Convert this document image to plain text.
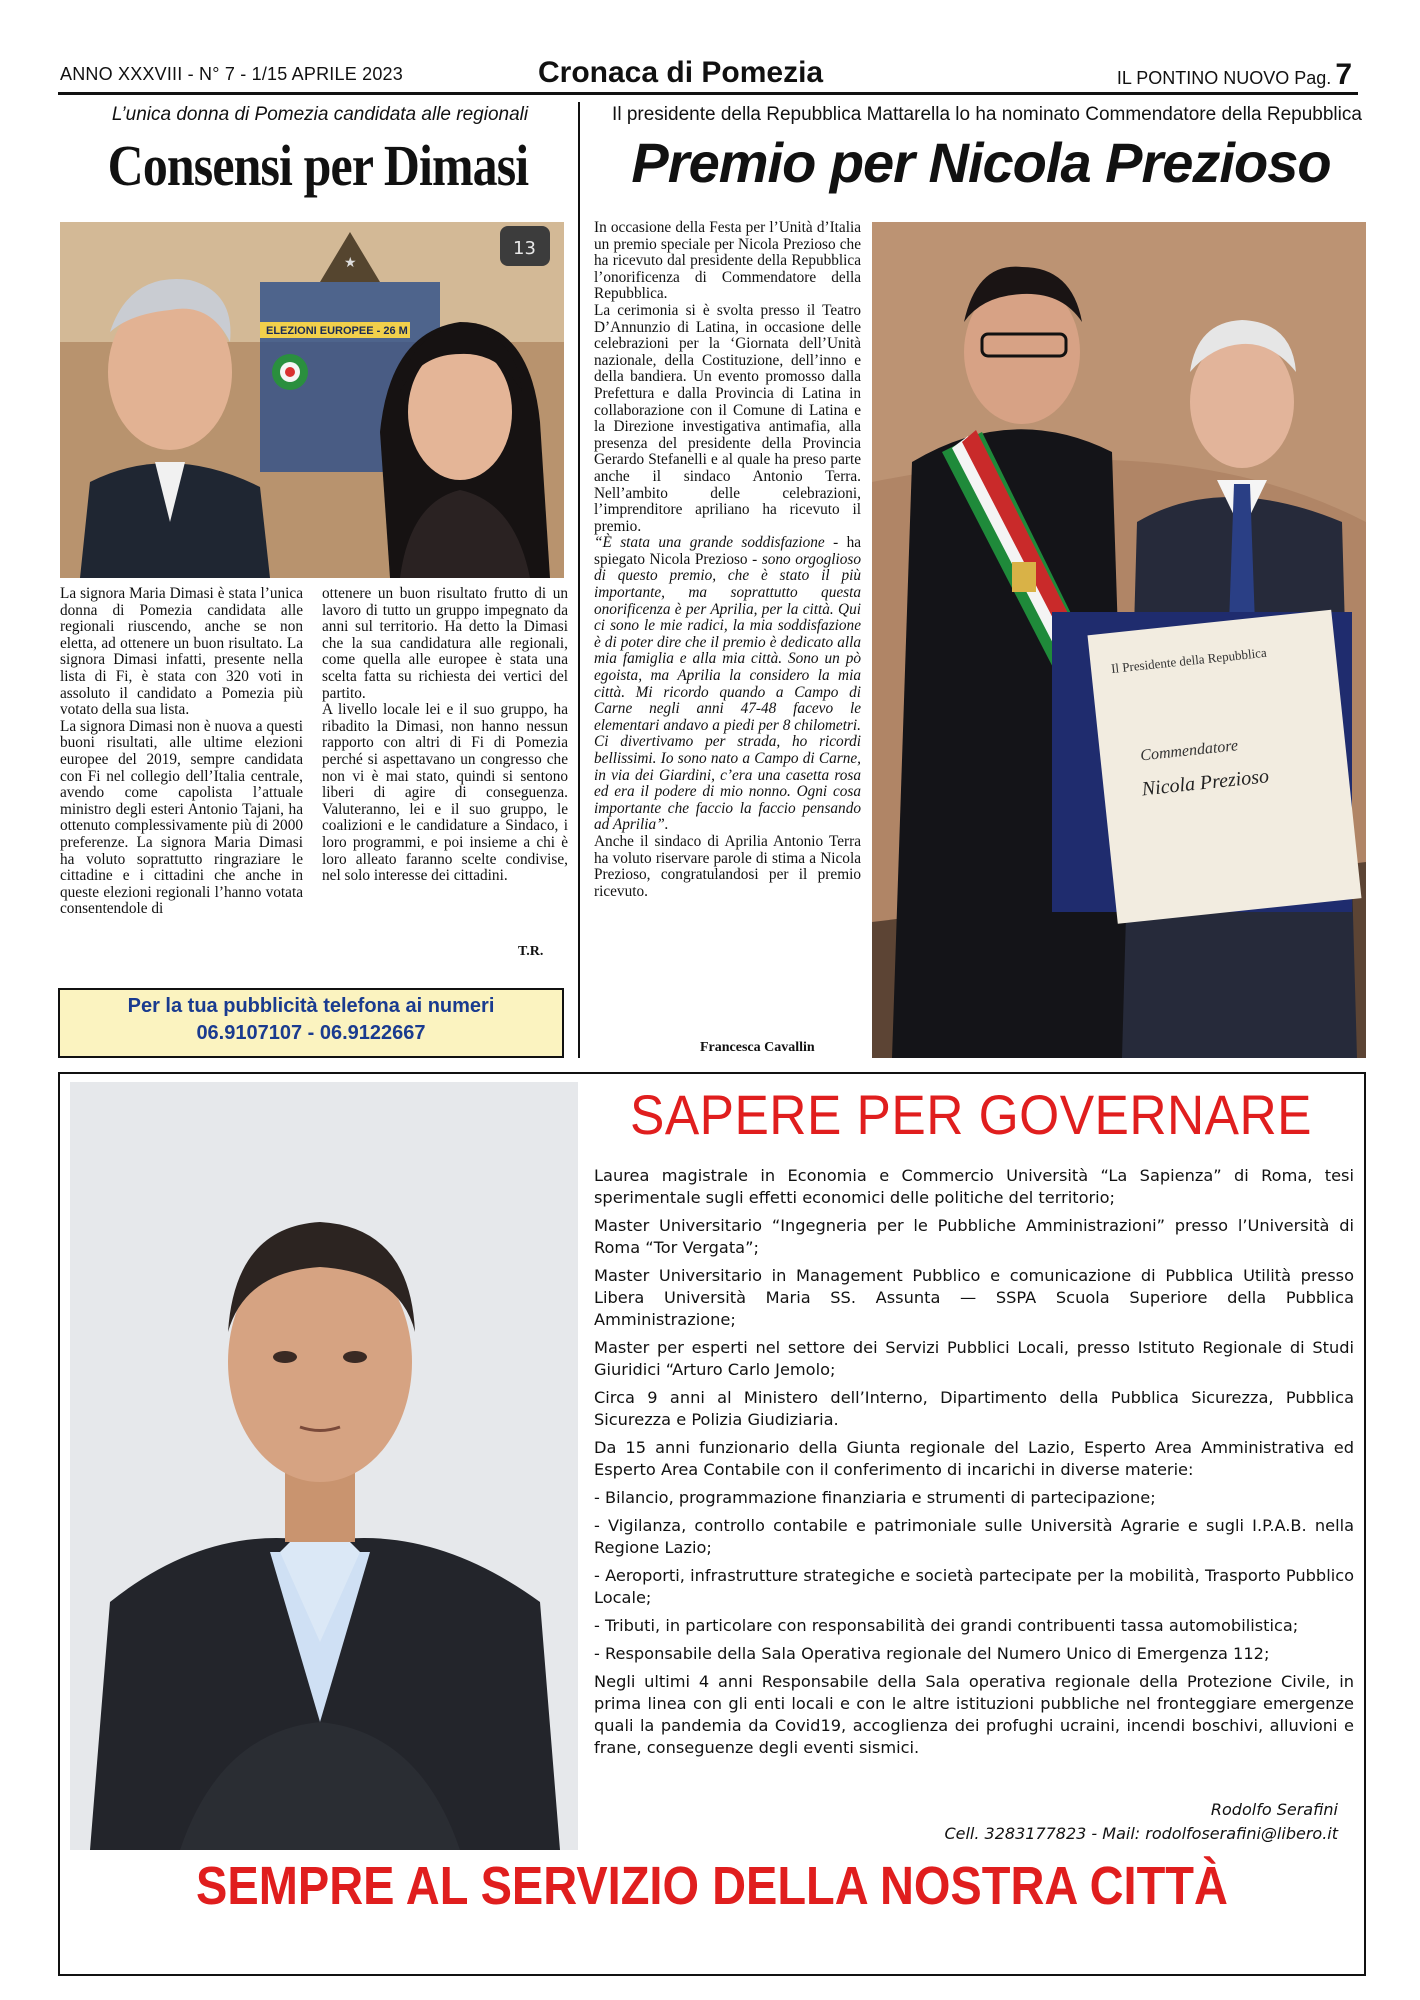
ANNO XXXVIII - N° 7 - 1/15 APRILE 2023	Cronaca di Pomezia	IL PONTINO NUOVO Pag. 7
L’unica donna di Pomezia candidata alle regionali
Consensi per Dimasi
ELEZIONI EUROPEE - 26 M
★
13

La signora Maria Dimasi è stata l’unica donna di Pomezia candidata alle regionali riuscendo, anche se non eletta, ad ottenere un buon risultato. La signora Dimasi infatti, presente nella lista di Fi, è stata con 320 voti in assoluto il candidato a Pomezia più votato della sua lista.

La signora Dimasi non è nuova a questi buoni risultati, alle ultime elezioni europee del 2019, sempre candidata con Fi nel collegio dell’Italia centrale, avendo come capolista l’attuale ministro degli esteri Antonio Tajani, ha ottenuto complessivamente più di 2000 preferenze. La signora Maria Dimasi ha voluto soprattutto ringraziare le cittadine e i cittadini che anche in queste elezioni regionali l’hanno votata consentendole di

ottenere un buon risultato frutto di un lavoro di tutto un gruppo impegnato da anni sul territorio. Ha detto la Dimasi che la sua candidatura alle regionali, come quella alle europee è stata una scelta fatta su richiesta dei vertici del partito.

A livello locale lei e il suo gruppo, ha ribadito la Dimasi, non hanno nessun rapporto con altri di Fi di Pomezia perché si aspettavano un congresso che non vi è mai stato, quindi si sentono liberi di agire di conseguenza. Valuteranno, lei e il suo gruppo, le coalizioni e le candidature a Sindaco, i loro programmi, e poi insieme a chi è loro alleato faranno scelte condivise, nel solo interesse dei cittadini.

T.R.
Per la tua pubblicità telefona ai numeri
06.9107107 - 06.9122667
Il presidente della Repubblica Mattarella lo ha nominato Commendatore della Repubblica
Premio per Nicola Prezioso

In occasione della Festa per l’Unità d’Italia un premio speciale per Nicola Prezioso che ha ricevuto dal presidente della Repubblica l’onorificenza di Commendatore della Repubblica.

La cerimonia si è svolta presso il Teatro D’Annunzio di Latina, in occasione delle celebrazioni per la ‘Giornata dell’Unità nazionale, della Costituzione, dell’inno e della bandiera. Un evento promosso dalla Prefettura e dalla Provincia di Latina in collaborazione con il Comune di Latina e la Direzione investigativa antimafia, alla presenza del presidente della Provincia Gerardo Stefanelli e al quale ha preso parte anche il sindaco Antonio Terra. Nell’ambito delle celebrazioni, l’imprenditore apriliano ha ricevuto il premio.

“È stata una grande soddisfazione - ha spiegato Nicola Prezioso - sono orgoglioso di questo premio, che è stato il più importante, ma soprattutto questa onorificenza è per Aprilia, per la città. Qui ci sono le mie radici, la mia soddisfazione è di poter dire che il premio è dedicato alla mia famiglia e alla mia città. Sono un pò egoista, ma Aprilia la considero la mia città. Mi ricordo quando a Campo di Carne negli anni 47-48 facevo le elementari andavo a piedi per 8 chilometri. Ci divertivamo per strada, ho ricordi bellissimi. Io sono nato a Campo di Carne, in via dei Giardini, c’era una casetta rosa ed era il podere di mio nonno. Ogni cosa importante che faccio la faccio pensando ad Aprilia”.

Anche il sindaco di Aprilia Antonio Terra ha voluto riservare parole di stima a Nicola Prezioso, congratulandosi per il premio ricevuto.

Francesca Cavallin
Il Presidente della Repubblica
Commendatore
Nicola Prezioso
SAPERE PER GOVERNARE

Laurea magistrale in Economia e Commercio Università “La Sapienza” di Roma, tesi sperimentale sugli effetti economici delle politiche del territorio;

Master Universitario “Ingegneria per le Pubbliche Amministrazioni” presso l’Università di Roma “Tor Vergata”;

Master Universitario in Management Pubblico e comunicazione di Pubblica Utilità presso Libera Università Maria SS. Assunta — SSPA Scuola Superiore della Pubblica Amministrazione;

Master per esperti nel settore dei Servizi Pubblici Locali, presso Istituto Regionale di Studi Giuridici “Arturo Carlo Jemolo;

Circa 9 anni al Ministero dell’Interno, Dipartimento della Pubblica Sicurezza, Pubblica Sicurezza e Polizia Giudiziaria.

Da 15 anni funzionario della Giunta regionale del Lazio, Esperto Area Amministrativa ed Esperto Area Contabile con il conferimento di incarichi in diverse materie:

- Bilancio, programmazione finanziaria e strumenti di partecipazione;

- Vigilanza, controllo contabile e patrimoniale sulle Università Agrarie e sugli I.P.A.B. nella Regione Lazio;

- Aeroporti, infrastrutture strategiche e società partecipate per la mobilità, Trasporto Pubblico Locale;

- Tributi, in particolare con responsabilità dei grandi contribuenti tassa automobilistica;

- Responsabile della Sala Operativa regionale del Numero Unico di Emergenza 112;

Negli ultimi 4 anni Responsabile della Sala operativa regionale della Protezione Civile, in prima linea con gli enti locali e con le altre istituzioni pubbliche nel fronteggiare emergenze quali la pandemia da Covid19, accoglienza dei profughi ucraini, incendi boschivi, alluvioni e frane, conseguenze degli eventi sismici.

Rodolfo Serafini
Cell. 3283177823 - Mail: rodolfoserafini@libero.it
SEMPRE AL SERVIZIO DELLA NOSTRA CITTÀ
